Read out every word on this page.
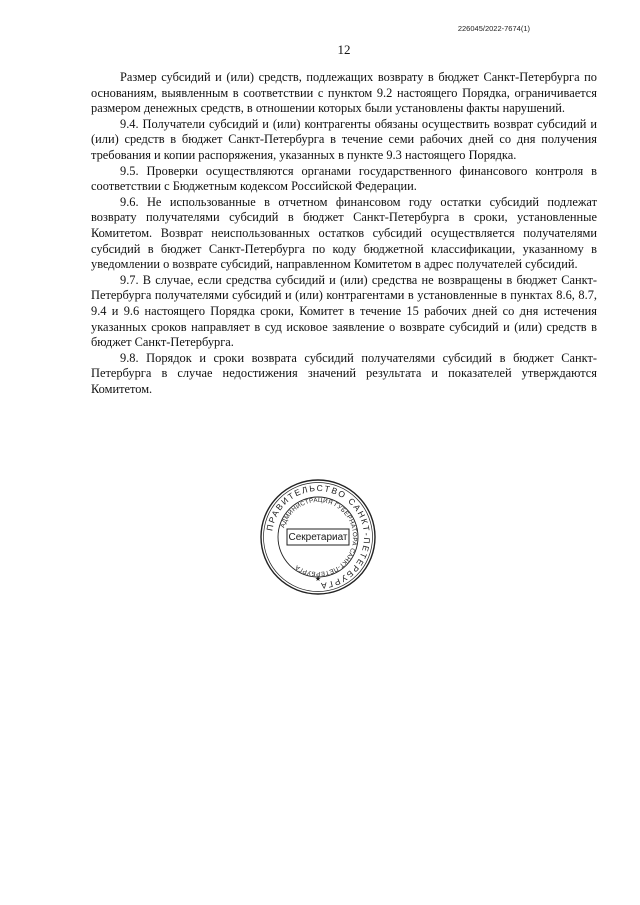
226045/2022-7674(1)
12

Размер субсидий и (или) средств, подлежащих возврату в бюджет Санкт-Петербурга по основаниям, выявленным в соответствии с пунктом 9.2 настоящего Порядка, ограничивается размером денежных средств, в отношении которых были установлены факты нарушений.

9.4. Получатели субсидий и (или) контрагенты обязаны осуществить возврат субсидий и (или) средств в бюджет Санкт-Петербурга в течение семи рабочих дней со дня получения требования и копии распоряжения, указанных в пункте 9.3 настоящего Порядка.

9.5. Проверки осуществляются органами государственного финансового контроля в соответствии с Бюджетным кодексом Российской Федерации.

9.6. Не использованные в отчетном финансовом году остатки субсидий подлежат возврату получателями субсидий в бюджет Санкт-Петербурга в сроки, установленные Комитетом. Возврат неиспользованных остатков субсидий осуществляется получателями субсидий в бюджет Санкт-Петербурга по коду бюджетной классификации, указанному в уведомлении о возврате субсидий, направленном Комитетом в адрес получателей субсидий.

9.7. В случае, если средства субсидий и (или) средства не возвращены в бюджет Санкт-Петербурга получателями субсидий и (или) контрагентами в установленные в пунктах 8.6, 8.7, 9.4 и 9.6 настоящего Порядка сроки, Комитет в течение 15 рабочих дней со дня истечения указанных сроков направляет в суд исковое заявление о возврате субсидий и (или) средств в бюджет Санкт-Петербурга.

9.8. Порядок и сроки возврата субсидий получателями субсидий в бюджет Санкт-Петербурга в случае недостижения значений результата и показателей утверждаются Комитетом.

ПРАВИТЕЛЬСТВО САНКТ-ПЕТЕРБУРГА
АДМИНИСТРАЦИЯ ГУБЕРНАТОРА САНКТ-ПЕТЕРБУРГА
★
Секретариат
